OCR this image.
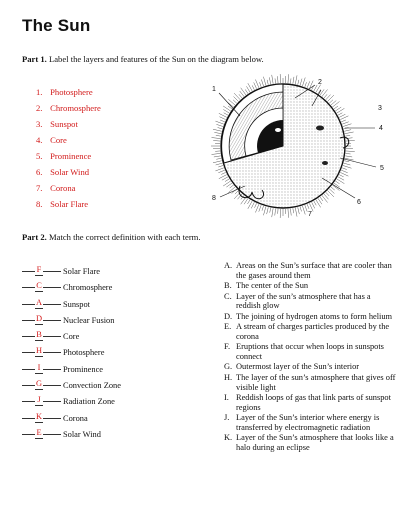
The Sun
Part 1. Label the layers and features of the Sun on the diagram below.
1. Photosphere
2. Chromosphere
3. Sunspot
4. Core
5. Prominence
6. Solar Wind
7. Corona
8. Solar Flare
1
2
3
4
5
6
7
8
Part 2. Match the correct definition with each term.
F	Solar Flare
C	Chromosphere
A Sunspot
D Nuclear Fusion
B	Core
H Photosphere
I	Prominence
G Convection Zone
J	Radiation Zone
K Corona
E	Solar Wind
A. Areas on the Sun’s surface that are cooler than the gases around them
B. The center of the Sun
C. Layer of the sun’s atmosphere that has a reddish glow
D. The joining of hydrogen atoms to form helium
E. A stream of charges particles produced by the corona
F. Eruptions that occur when loops in sunspots connect
G. Outermost layer of the Sun’s interior
H. The layer of the sun’s atmosphere that gives off visible light
I. Reddish loops of gas that link parts of sunspot regions
J. Layer of the Sun’s interior where energy is transferred by electromagnetic radiation
K. Layer of the Sun’s atmosphere that looks like a halo during an eclipse
